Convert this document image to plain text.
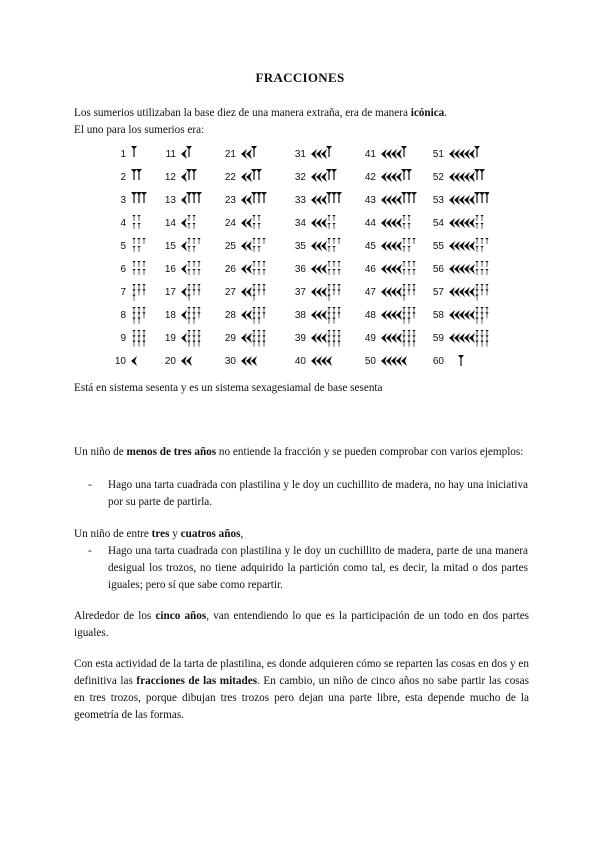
FRACCIONES
Los sumerios utilizaban la base diez de una manera extraña, era de manera icónica.
El uno para los sumerios era:
1
2
3
4
5
6
7
8
9
10
11
12
13
14
15
16
17
18
19
20
21
22
23
24
25
26
27
28
29
30
31
32
33
34
35
36
37
38
39
40
41
42
43
44
45
46
47
48
49
50
51
52
53
54
55
56
57
58
59
60
Está en sistema sesenta y es un sistema sexagesiamal de base sesenta
Un niño de menos de tres años no entiende la fracción y se pueden comprobar con varios ejemplos:
- Hago una tarta cuadrada con plastilina y le doy un cuchillito de madera, no hay una iniciativa por su parte de partirla.
Un niño de entre tres y cuatros años,
- Hago una tarta cuadrada con plastilina y le doy un cuchillito de madera, parte de una manera desigual los trozos, no tiene adquirido la partición como tal, es decir, la mitad o dos partes iguales; pero sí que sabe como repartir.
Alrededor de los cinco años, van entendiendo lo que es la participación de un todo en dos partes iguales.
Con esta actividad de la tarta de plastilina, es donde adquieren cómo se reparten las cosas en dos y en definitiva las fracciones de las mitades. En cambio, un niño de cinco años no sabe partir las cosas en tres trozos, porque dibujan tres trozos pero dejan una parte libre, esta depende mucho de la geometría de las formas.
